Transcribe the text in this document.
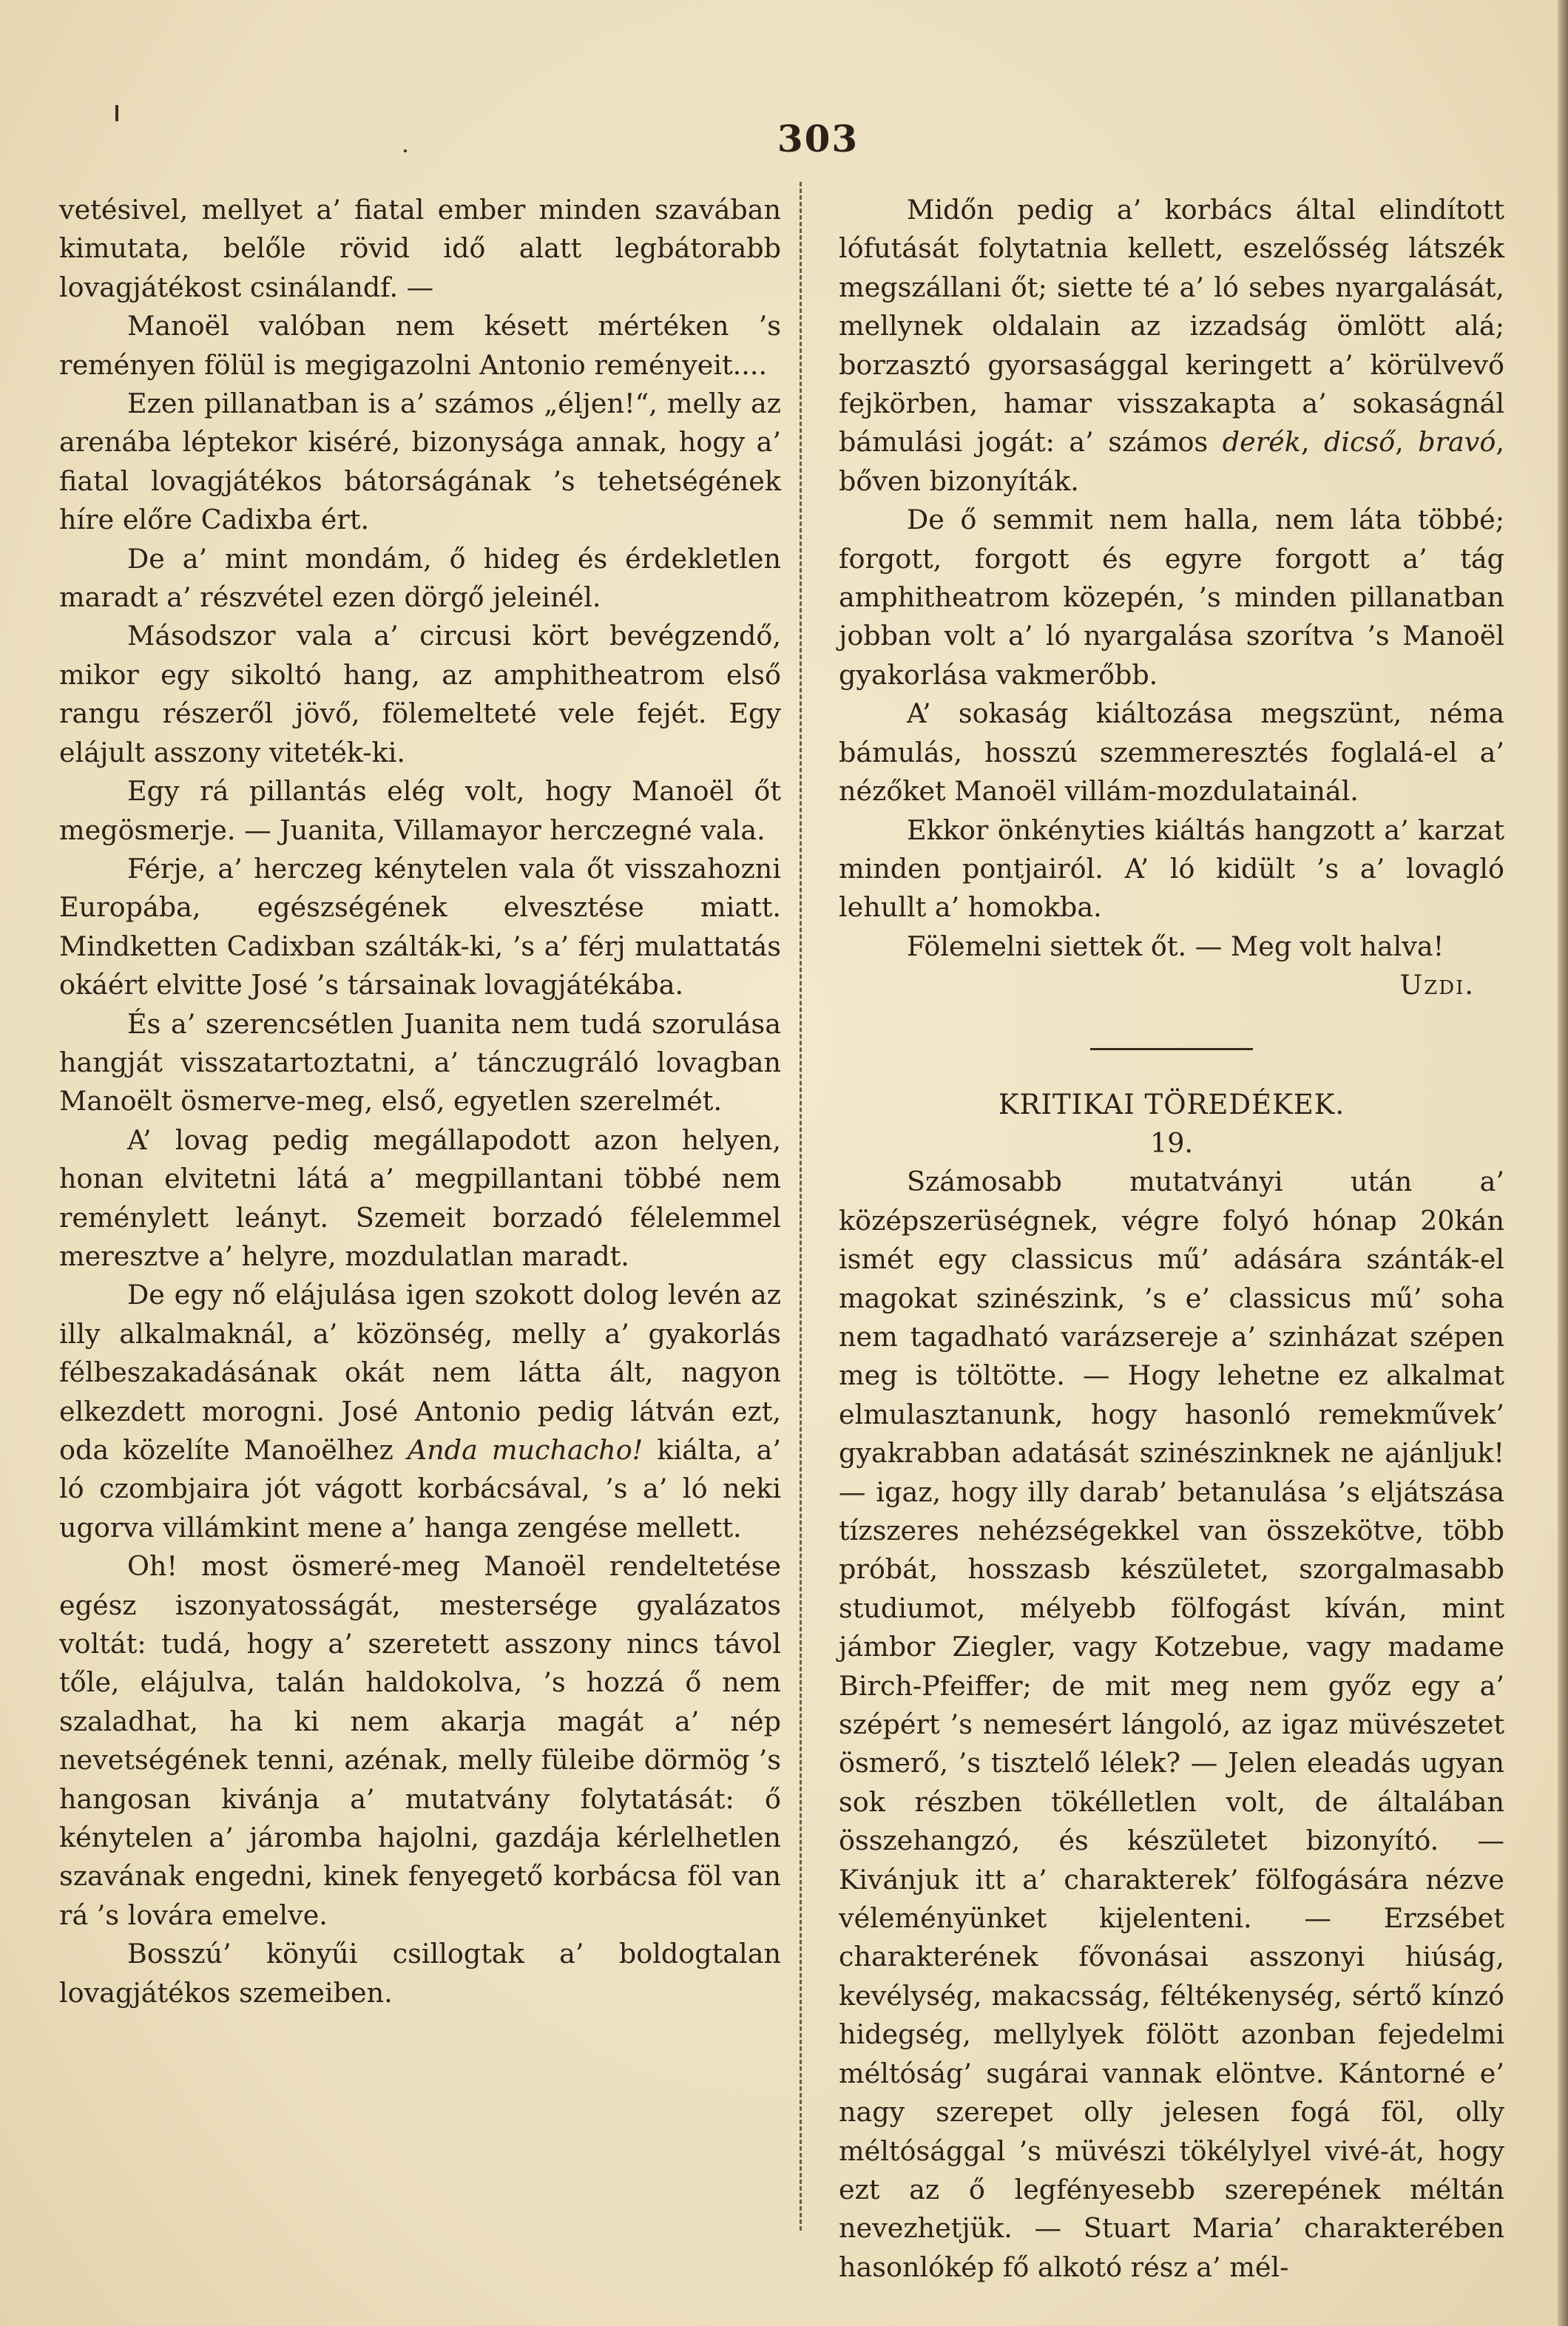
303

vetésivel, mellyet a’ fiatal ember minden szavában kimutata, belőle rövid idő alatt legbátorabb lovagjátékost csinálandf. —

Manoël valóban nem késett mértéken ’s reményen fölül is megigazolni Antonio reményeit....

Ezen pillanatban is a’ számos „éljen!“, melly az arenába léptekor kiséré, bizonysága annak, hogy a’ fiatal lovagjátékos bátorságának ’s tehetségének híre előre Cadixba ért.

De a’ mint mondám, ő hideg és érdekletlen maradt a’ részvétel ezen dörgő jeleinél.

Másodszor vala a’ circusi kört bevégzendő, mikor egy sikoltó hang, az amphitheatrom első rangu részeről jövő, fölemelteté vele fejét. Egy elájult asszony viteték-ki.

Egy rá pillantás elég volt, hogy Manoël őt megösmerje. — Juanita, Villamayor herczegné vala.

Férje, a’ herczeg kénytelen vala őt visszahozni Europába, egészségének elvesztése miatt. Mindketten Cadixban szálták-ki, ’s a’ férj mulattatás okáért elvitte José ’s társainak lovagjátékába.

És a’ szerencsétlen Juanita nem tudá szorulása hangját visszatartoztatni, a’ tánczugráló lovagban Manoëlt ösmerve-meg, első, egyetlen szerelmét.

A’ lovag pedig megállapodott azon helyen, honan elvitetni látá a’ megpillantani többé nem reménylett leányt. Szemeit borzadó félelemmel meresztve a’ helyre, mozdulatlan maradt.

De egy nő elájulása igen szokott dolog levén az illy alkalmaknál, a’ közönség, melly a’ gyakorlás félbeszakadásának okát nem látta ált, nagyon elkezdett morogni. José Antonio pedig látván ezt, oda közelíte Manoëlhez Anda muchacho! kiálta, a’ ló czombjaira jót vágott korbácsával, ’s a’ ló neki ugorva villámkint mene a’ hanga zengése mellett.

Oh! most ösmeré-meg Manoël rendeltetése egész iszonyatosságát, mestersége gyalázatos voltát: tudá, hogy a’ szeretett asszony nincs távol tőle, elájulva, talán haldokolva, ’s hozzá ő nem szaladhat, ha ki nem akarja magát a’ nép nevetségének tenni, azénak, melly füleibe dörmög ’s hangosan kivánja a’ mutatvány folytatását: ő kénytelen a’ járomba hajolni, gazdája kérlelhetlen szavának engedni, kinek fenyegető korbácsa föl van rá ’s lovára emelve.

Bosszú’ könyűi csillogtak a’ boldogtalan lovagjátékos szemeiben.

Midőn pedig a’ korbács által elindított lófutását folytatnia kellett, eszelősség látszék megszállani őt; siette té a’ ló sebes nyargalását, mellynek oldalain az izzadság ömlött alá; borzasztó gyorsasággal keringett a’ körülvevő fejkörben, hamar visszakapta a’ sokaságnál bámulási jogát: a’ számos derék, dicső, bravó, bőven bizonyíták.

De ő semmit nem halla, nem láta többé; forgott, forgott és egyre forgott a’ tág amphitheatrom közepén, ’s minden pillanatban jobban volt a’ ló nyargalása szorítva ’s Manoël gyakorlása vakmerőbb.

A’ sokaság kiáltozása megszünt, néma bámulás, hosszú szemmeresztés foglalá-el a’ nézőket Manoël villám-mozdulatainál.

Ekkor önkényties kiáltás hangzott a’ karzat minden pontjairól. A’ ló kidült ’s a’ lovagló lehullt a’ homokba.

Fölemelni siettek őt. — Meg volt halva!

Uzdi.

KRITIKAI TÖREDÉKEK.

19.

Számosabb mutatványi után a’ középszerüségnek, végre folyó hónap 20kán ismét egy classicus mű’ adására szánták-el magokat szinészink, ’s e’ classicus mű’ soha nem tagadható varázsereje a’ szinházat szépen meg is töltötte. — Hogy lehetne ez alkalmat elmulasztanunk, hogy hasonló remekművek’ gyakrabban adatását szinészinknek ne ajánljuk! — igaz, hogy illy darab’ betanulása ’s eljátszása tízszeres nehézségekkel van összekötve, több próbát, hosszasb készületet, szorgalmasabb studiumot, mélyebb fölfogást kíván, mint jámbor Ziegler, vagy Kotzebue, vagy madame Birch-Pfeiffer; de mit meg nem győz egy a’ szépért ’s nemesért lángoló, az igaz müvészetet ösmerő, ’s tisztelő lélek? — Jelen eleadás ugyan sok részben tökélletlen volt, de általában összehangzó, és készületet bizonyító. — Kivánjuk itt a’ charakterek’ fölfogására nézve véleményünket kijelenteni. — Erzsébet charakterének fővonásai asszonyi hiúság, kevélység, makacsság, féltékenység, sértő kínzó hidegség, mellylyek fölött azonban fejedelmi méltóság’ sugárai vannak elöntve. Kántorné e’ nagy szerepet olly jelesen fogá föl, olly méltósággal ’s müvészi tökélylyel vivé-át, hogy ezt az ő legfényesebb szerepének méltán nevezhetjük. — Stuart Maria’ charakterében hasonlókép fő alkotó rész a’ mél-
